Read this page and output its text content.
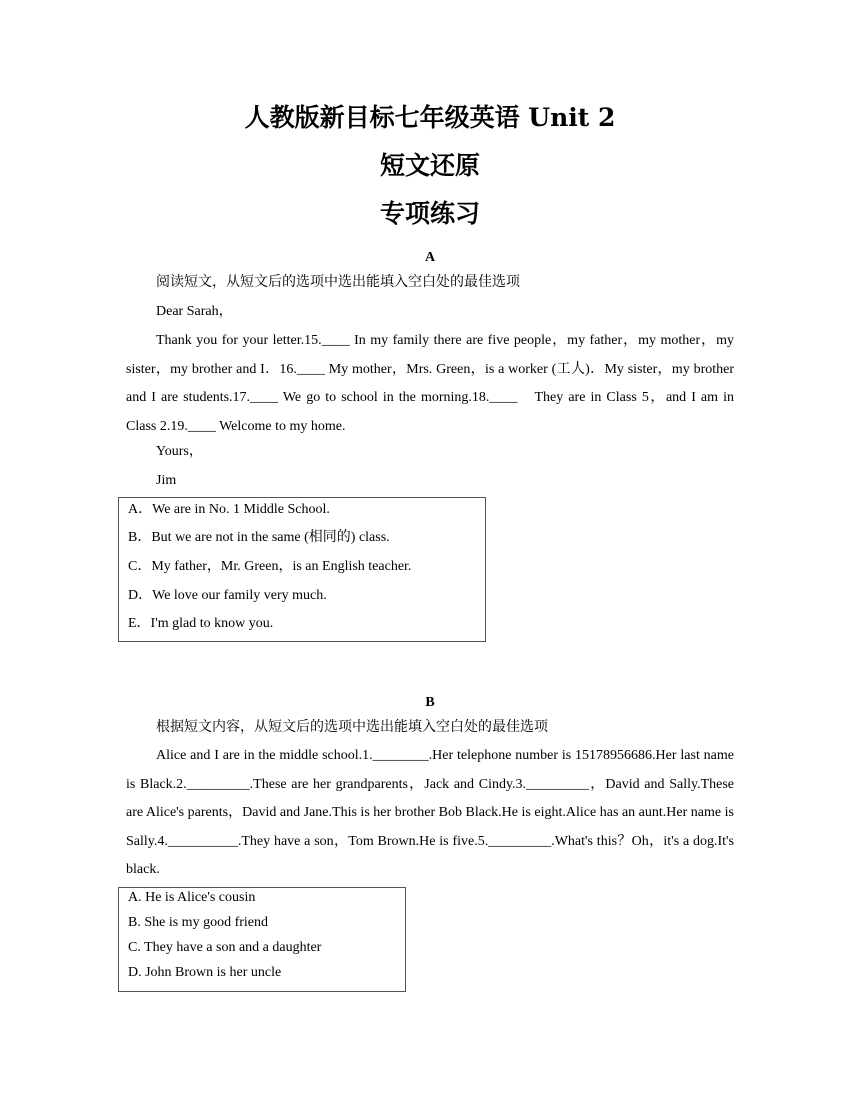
人教版新目标七年级英语 Unit 2
短文还原
专项练习
A
阅读短文，从短文后的选项中选出能填入空白处的最佳选项
Dear Sarah，

Thank you for your letter.15.____ In my family there are five people，my father，my mother，my sister，my brother and I．16.____ My mother，Mrs. Green，is a worker (工人)．My sister，my brother and I are students.17.____ We go to school in the morning.18.____　They are in Class 5，and I am in Class 2.19.____ Welcome to my home.

Yours，
Jim
A．We are in No. 1 Middle School.
B．But we are not in the same (相同的) class.
C．My father，Mr. Green，is an English teacher.
D．We love our family very much.
E．I'm glad to know you.
B
根据短文内容，从短文后的选项中选出能填入空白处的最佳选项

Alice and I are in the middle school.1.________.Her telephone number is 15178956686.Her last name is Black.2._________.These are her grandparents，Jack and Cindy.3._________，David and Sally.These are Alice's parents，David and Jane.This is her brother Bob Black.He is eight.Alice has an aunt.Her name is Sally.4.__________.They have a son，Tom Brown.He is five.5._________.What's this？Oh，it's a dog.It's black.

A. He is Alice's cousin
B. She is my good friend
C. They have a son and a daughter
D. John Brown is her uncle
